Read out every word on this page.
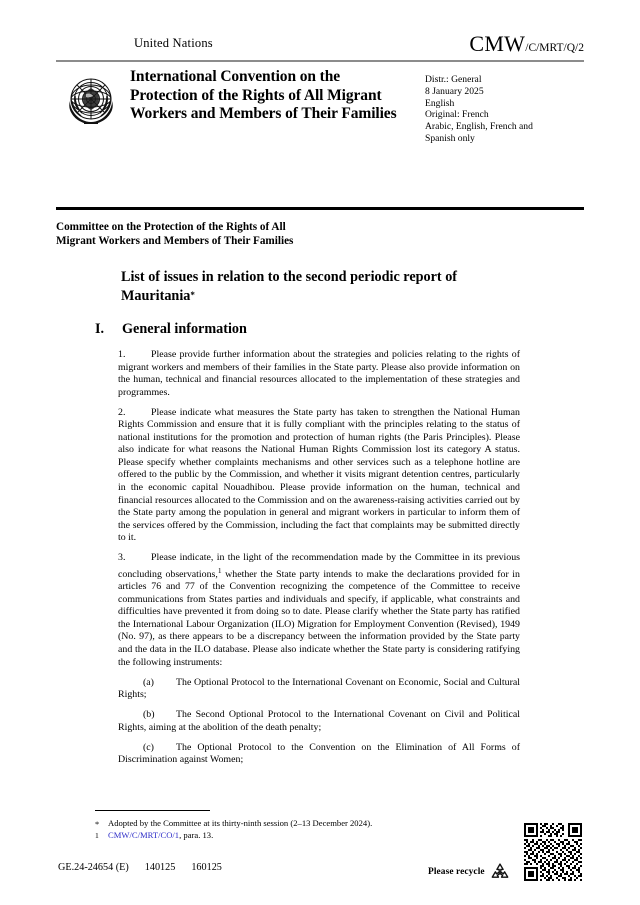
United Nations	CMW/C/MRT/Q/2
International Convention on the Protection of the Rights of All Migrant Workers and Members of Their Families
Distr.: General
8 January 2025
English
Original: French
Arabic, English, French and
Spanish only
Committee on the Protection of the Rights of All
Migrant Workers and Members of Their Families
List of issues in relation to the second periodic report of Mauritania*
I. General information

1.	Please provide further information about the strategies and policies relating to the rights of migrant workers and members of their families in the State party. Please also provide information on the human, technical and financial resources allocated to the implementation of these strategies and programmes.

2.	Please indicate what measures the State party has taken to strengthen the National Human Rights Commission and ensure that it is fully compliant with the principles relating to the status of national institutions for the promotion and protection of human rights (the Paris Principles). Please also indicate for what reasons the National Human Rights Commission lost its category A status. Please specify whether complaints mechanisms and other services such as a telephone hotline are offered to the public by the Commission, and whether it visits migrant detention centres, particularly in the economic capital Nouadhibou. Please provide information on the human, technical and financial resources allocated to the Commission and on the awareness-raising activities carried out by the State party among the population in general and migrant workers in particular to inform them of the services offered by the Commission, including the fact that complaints may be submitted directly to it.

3.	Please indicate, in the light of the recommendation made by the Committee in its previous concluding observations,$^1$ whether the State party intends to make the declarations provided for in articles 76 and 77 of the Convention recognizing the competence of the Committee to receive communications from States parties and individuals and specify, if applicable, what constraints and difficulties have prevented it from doing so to date. Please clarify whether the State party has ratified the International Labour Organization (ILO) Migration for Employment Convention (Revised), 1949 (No. 97), as there appears to be a discrepancy between the information provided by the State party and the data in the ILO database. Please also indicate whether the State party is considering ratifying the following instruments:

(a) The Optional Protocol to the International Covenant on Economic, Social and Cultural Rights;

(b) The Second Optional Protocol to the International Covenant on Civil and Political Rights, aiming at the abolition of the death penalty;

(c) The Optional Protocol to the Convention on the Elimination of All Forms of Discrimination against Women;

* Adopted by the Committee at its thirty-ninth session (2–13 December 2024).
1 CMW/C/MRT/CO/1, para. 13.
GE.24-24654 (E) 140125 160125	Please recycle
